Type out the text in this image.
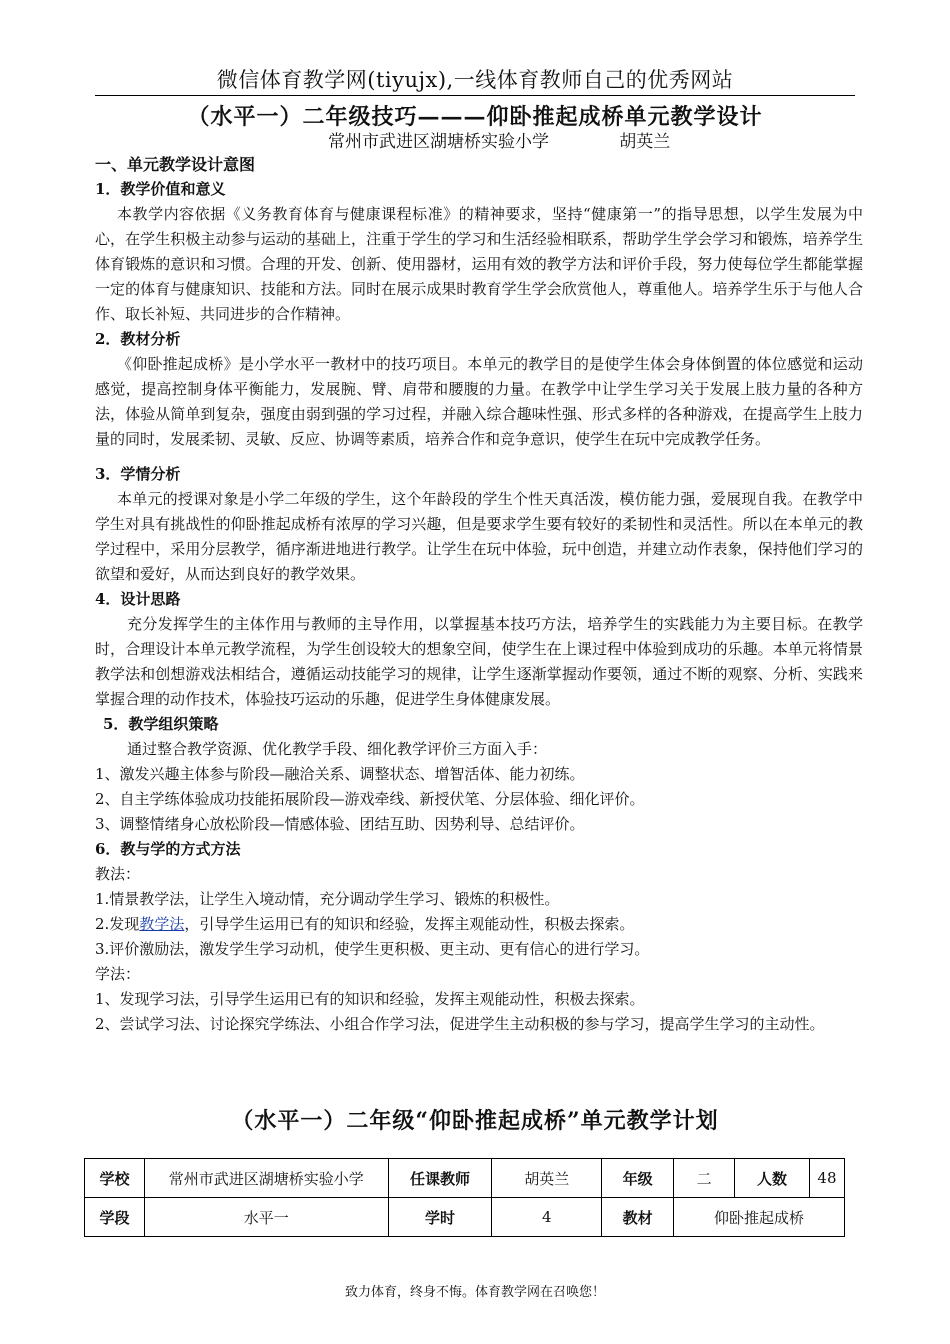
微信体育教学网(tiyujx),一线体育教师自己的优秀网站
（水平一）二年级技巧———仰卧推起成桥单元教学设计
常州市武进区湖塘桥实验小学	胡英兰
一、单元教学设计意图
1．教学价值和意义
本教学内容依据《义务教育体育与健康课程标准》的精神要求，坚持“健康第一”的指导思想，以学生发展为中心，在学生积极主动参与运动的基础上，注重于学生的学习和生活经验相联系，帮助学生学会学习和锻炼，培养学生体育锻炼的意识和习惯。合理的开发、创新、使用器材，运用有效的教学方法和评价手段，努力使每位学生都能掌握一定的体育与健康知识、技能和方法。同时在展示成果时教育学生学会欣赏他人，尊重他人。培养学生乐于与他人合作、取长补短、共同进步的合作精神。
2．教材分析
《仰卧推起成桥》是小学水平一教材中的技巧项目。本单元的教学目的是使学生体会身体倒置的体位感觉和运动感觉，提高控制身体平衡能力，发展腕、臂、肩带和腰腹的力量。在教学中让学生学习关于发展上肢力量的各种方法，体验从简单到复杂，强度由弱到强的学习过程，并融入综合趣味性强、形式多样的各种游戏，在提高学生上肢力量的同时，发展柔韧、灵敏、反应、协调等素质，培养合作和竞争意识，使学生在玩中完成教学任务。
3．学情分析
本单元的授课对象是小学二年级的学生，这个年龄段的学生个性天真活泼，模仿能力强，爱展现自我。在教学中学生对具有挑战性的仰卧推起成桥有浓厚的学习兴趣，但是要求学生要有较好的柔韧性和灵活性。所以在本单元的教学过程中，采用分层教学，循序渐进地进行教学。让学生在玩中体验，玩中创造，并建立动作表象，保持他们学习的欲望和爱好，从而达到良好的教学效果。
4．设计思路
充分发挥学生的主体作用与教师的主导作用，以掌握基本技巧方法，培养学生的实践能力为主要目标。在教学时，合理设计本单元教学流程，为学生创设较大的想象空间，使学生在上课过程中体验到成功的乐趣。本单元将情景教学法和创想游戏法相结合，遵循运动技能学习的规律，让学生逐渐掌握动作要领，通过不断的观察、分析、实践来掌握合理的动作技术，体验技巧运动的乐趣，促进学生身体健康发展。
5．教学组织策略
通过整合教学资源、优化教学手段、细化教学评价三方面入手：
1、激发兴趣主体参与阶段—融洽关系、调整状态、增智活体、能力初练。
2、自主学练体验成功技能拓展阶段—游戏牵线、新授伏笔、分层体验、细化评价。
3、调整情绪身心放松阶段—情感体验、团结互助、因势利导、总结评价。
6．教与学的方式方法
教法：
1.情景教学法，让学生入境动情，充分调动学生学习、锻炼的积极性。
2.发现教学法，引导学生运用已有的知识和经验，发挥主观能动性，积极去探索。
3.评价激励法，激发学生学习动机，使学生更积极、更主动、更有信心的进行学习。
学法：
1、发现学习法，引导学生运用已有的知识和经验，发挥主观能动性，积极去探索。
2、尝试学习法、讨论探究学练法、小组合作学习法，促进学生主动积极的参与学习，提高学生学习的主动性。
（水平一）二年级“仰卧推起成桥”单元教学计划
学校	常州市武进区湖塘桥实验小学	任课教师	胡英兰	年级	二	人数	48
学段	水平一	学时	4	教材	仰卧推起成桥		
致力体育，终身不悔。体育教学网在召唤您！
